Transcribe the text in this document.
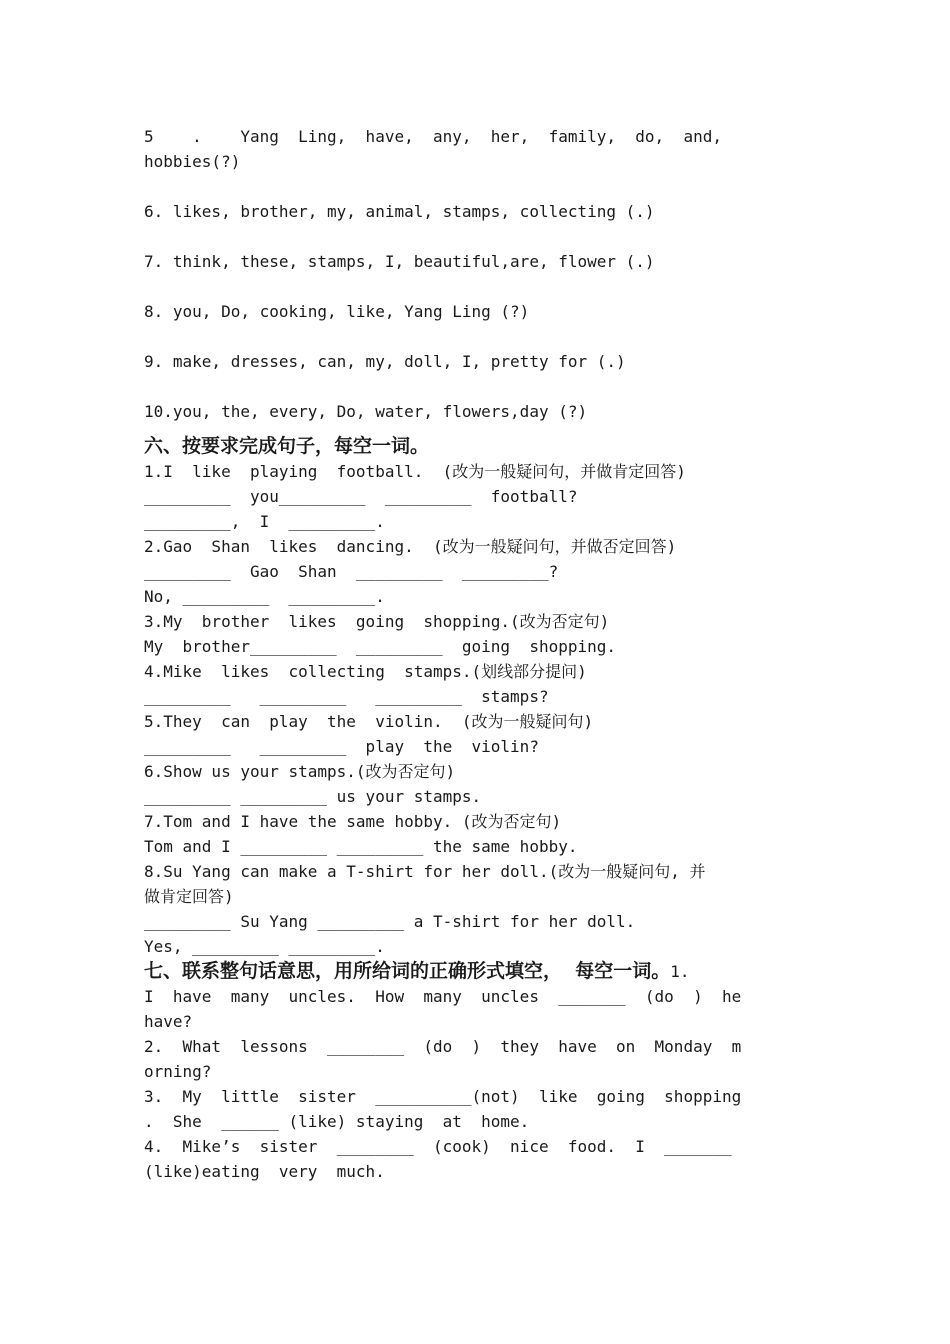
5    .    Yang  Ling,  have,  any,  her,  family,  do,  and,

hobbies(?)

6. likes, brother, my, animal, stamps, collecting (.)

7. think, these, stamps, I, beautiful,are, flower (.)

8. you, Do, cooking, like, Yang Ling (?)

9. make, dresses, can, my, doll, I, pretty for (.)

10.you, the, every, Do, water, flowers,day (?)

六、按要求完成句子，每空一词。

1.I  like  playing  football.  (改为一般疑问句，并做肯定回答)

_________  you_________  _________  football?

_________,  I  _________.

2.Gao  Shan  likes  dancing.  (改为一般疑问句，并做否定回答)

_________  Gao  Shan  _________  _________?

No, _________  _________.

3.My  brother  likes  going  shopping.(改为否定句)

My  brother_________  _________  going  shopping.

4.Mike  likes  collecting  stamps.(划线部分提问)

_________   _________   _________  stamps?

5.They  can  play  the  violin.  (改为一般疑问句)

_________   _________  play  the  violin?

6.Show us your stamps.(改为否定句)

_________ _________ us your stamps.

7.Tom and I have the same hobby. (改为否定句)

Tom and I _________ _________ the same hobby.

8.Su Yang can make a T-shirt for her doll.(改为一般疑问句, 并

做肯定回答)

_________ Su Yang _________ a T-shirt for her doll.

Yes, _________ _________.

七、联系整句话意思，用所给词的正确形式填空，  每空一词。1.

I  have  many  uncles.  How  many  uncles  _______  (do  )  he

have?

2.  What  lessons  ________  (do  )  they  have  on  Monday  m

orning?

3.  My  little  sister  __________(not)  like  going  shopping

.  She  ______ (like) staying  at  home.

4.  Mike’s  sister  ________  (cook)  nice  food.  I  _______

(like)eating  very  much.
